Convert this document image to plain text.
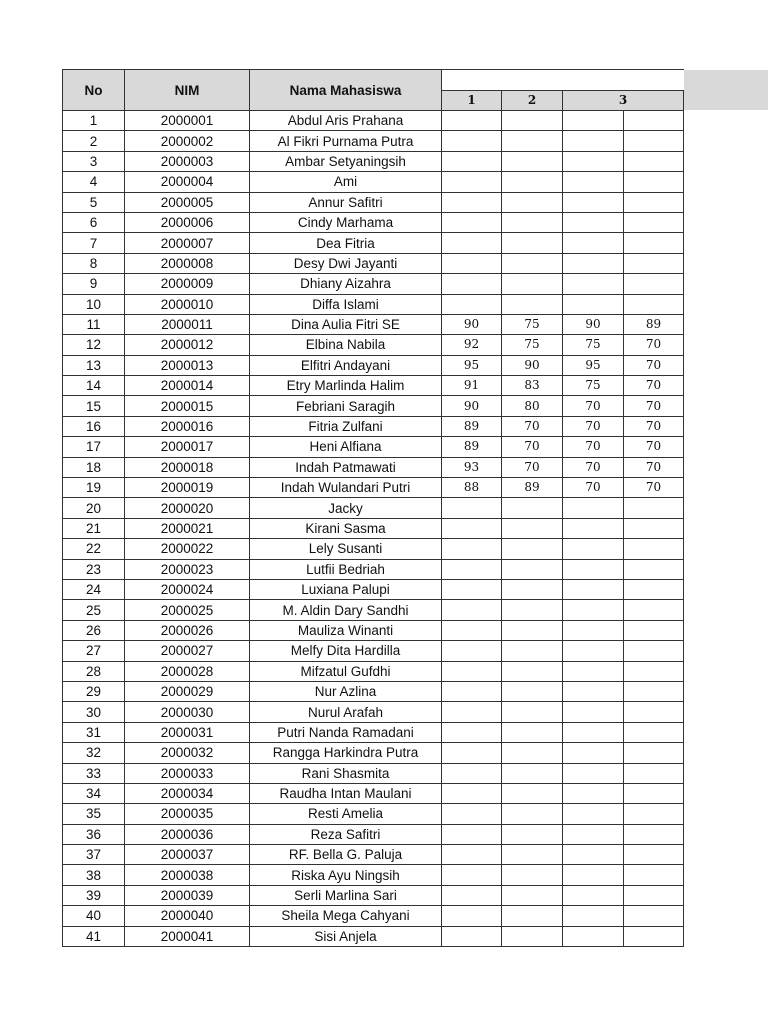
No	NIM	Nama Mahasiswa				
			1	2	3	
1	2000001	Abdul Aris Prahana				
2	2000002	Al Fikri Purnama Putra				
3	2000003	Ambar Setyaningsih				
4	2000004	Ami				
5	2000005	Annur Safitri				
6	2000006	Cindy Marhama				
7	2000007	Dea Fitria				
8	2000008	Desy Dwi Jayanti				
9	2000009	Dhiany Aizahra				
10	2000010	Diffa Islami				
11	2000011	Dina Aulia Fitri SE	90	75	90	89
12	2000012	Elbina Nabila	92	75	75	70
13	2000013	Elfitri Andayani	95	90	95	70
14	2000014	Etry Marlinda Halim	91	83	75	70
15	2000015	Febriani Saragih	90	80	70	70
16	2000016	Fitria Zulfani	89	70	70	70
17	2000017	Heni Alfiana	89	70	70	70
18	2000018	Indah Patmawati	93	70	70	70
19	2000019	Indah Wulandari Putri	88	89	70	70
20	2000020	Jacky				
21	2000021	Kirani Sasma				
22	2000022	Lely Susanti				
23	2000023	Lutfii Bedriah				
24	2000024	Luxiana Palupi				
25	2000025	M. Aldin Dary Sandhi				
26	2000026	Mauliza Winanti				
27	2000027	Melfy Dita Hardilla				
28	2000028	Mifzatul Gufdhi				
29	2000029	Nur Azlina				
30	2000030	Nurul Arafah				
31	2000031	Putri Nanda Ramadani				
32	2000032	Rangga Harkindra Putra				
33	2000033	Rani Shasmita				
34	2000034	Raudha Intan Maulani				
35	2000035	Resti Amelia				
36	2000036	Reza Safitri				
37	2000037	RF. Bella G. Paluja				
38	2000038	Riska Ayu Ningsih				
39	2000039	Serli Marlina Sari				
40	2000040	Sheila Mega Cahyani				
41	2000041	Sisi Anjela				
